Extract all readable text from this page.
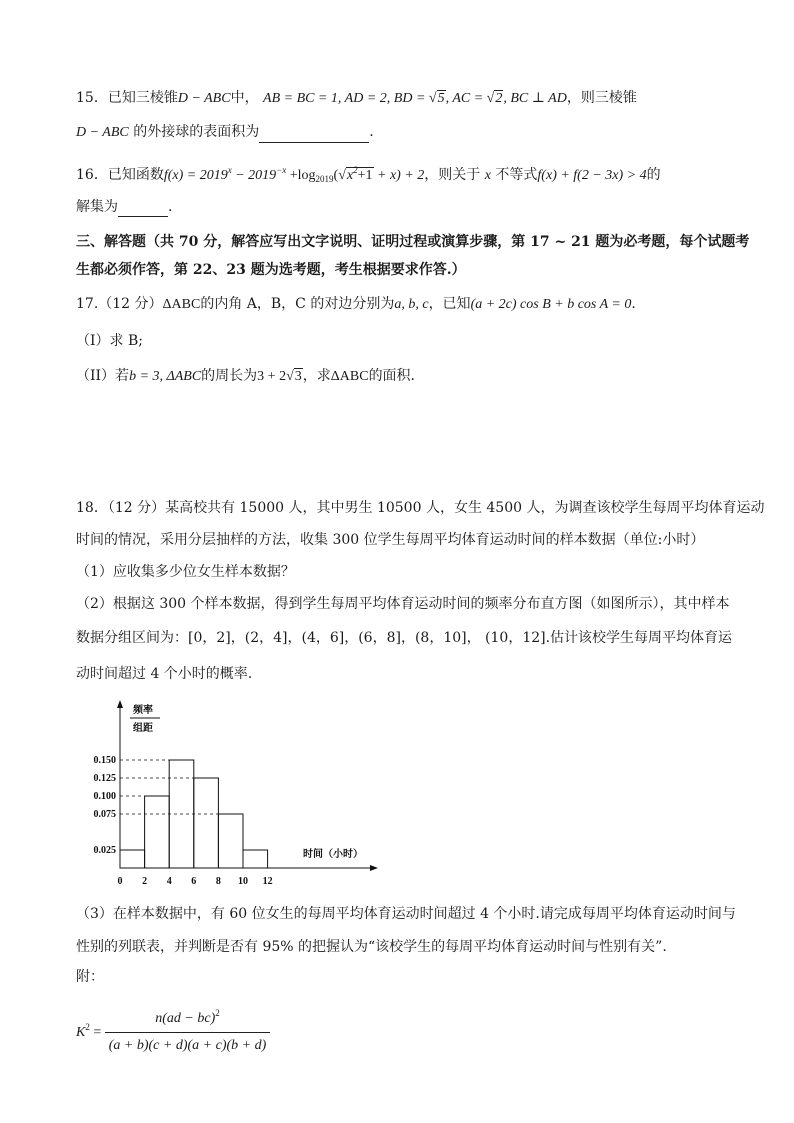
15．已知三棱锥D − ABC中， AB = BC = 1, AD = 2, BD = √5, AC = √2, BC ⊥ AD，则三棱锥
D − ABC 的外接球的表面积为	.
16．已知函数$f(x) = 2019^x - 2019^{-x} +\log_{2019}(√x^2+1 + x) + 2$，则关于 x 不等式f(x) + f(2 − 3x) > 4的
解集为	.
三、解答题（共 70 分，解答应写出文字说明、证明过程或演算步骤，第 17 ~ 21 题为必考题，每个试题考
生都必须作答，第 22、23 题为选考题，考生根据要求作答.）
17.（12 分）ΔABC的内角 A，B，C 的对边分别为a, b, c，已知(a + 2c) cos B + b cos A = 0.
（I）求 B;
（II）若b = 3, ΔABC的周长为3 + 2√3，求ΔABC的面积.
18．（12 分）某高校共有 15000 人，其中男生 10500 人，女生 4500 人，为调查该校学生每周平均体育运动
时间的情况，采用分层抽样的方法，收集 300 位学生每周平均体育运动时间的样本数据（单位:小时）
（1）应收集多少位女生样本数据？
（2）根据这 300 个样本数据，得到学生每周平均体育运动时间的频率分布直方图（如图所示），其中样本
数据分组区间为：[0，2]，(2，4]，(4，6]，(6，8]，(8，10]， (10，12].估计该校学生每周平均体育运
动时间超过 4 个小时的概率.
频率
组距
时间（小时）
0.150
0.125
0.100
0.075
0.025
0 2 4 6 8 10 12
（3）在样本数据中，有 60 位女生的每周平均体育运动时间超过 4 个小时.请完成每周平均体育运动时间与
性别的列联表，并判断是否有 95% 的把握认为“该校学生的每周平均体育运动时间与性别有关”.
附：
$K^2 = \frac{n(ad - bc)^2}{(a + b)(c + d)(a + c)(b + d)}$
